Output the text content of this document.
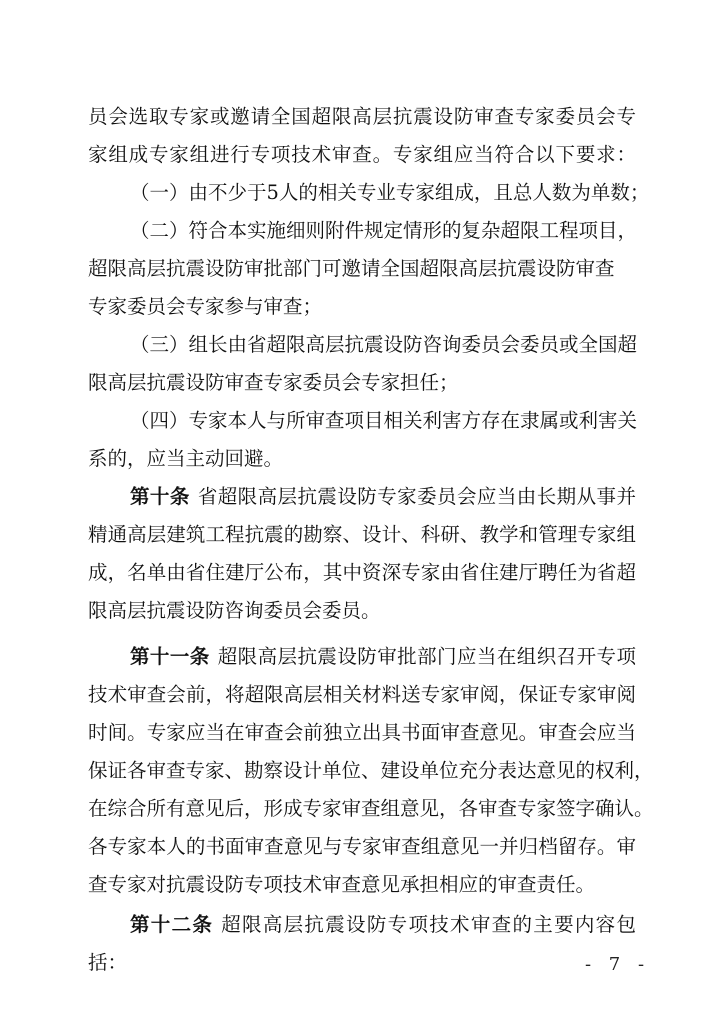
员会选取专家或邀请全国超限高层抗震设防审查专家委员会专
家组成专家组进行专项技术审查。专家组应当符合以下要求：
（一）由不少于5人的相关专业专家组成，且总人数为单数；
（二）符合本实施细则附件规定情形的复杂超限工程项目，
超限高层抗震设防审批部门可邀请全国超限高层抗震设防审查
专家委员会专家参与审查；
（三）组长由省超限高层抗震设防咨询委员会委员或全国超
限高层抗震设防审查专家委员会专家担任；
（四）专家本人与所审查项目相关利害方存在隶属或利害关
系的，应当主动回避。
第十条 省超限高层抗震设防专家委员会应当由长期从事并
精通高层建筑工程抗震的勘察、设计、科研、教学和管理专家组
成，名单由省住建厅公布，其中资深专家由省住建厅聘任为省超
限高层抗震设防咨询委员会委员。
第十一条 超限高层抗震设防审批部门应当在组织召开专项
技术审查会前，将超限高层相关材料送专家审阅，保证专家审阅
时间。专家应当在审查会前独立出具书面审查意见。审查会应当
保证各审查专家、勘察设计单位、建设单位充分表达意见的权利，
在综合所有意见后，形成专家审查组意见，各审查专家签字确认。
各专家本人的书面审查意见与专家审查组意见一并归档留存。审
查专家对抗震设防专项技术审查意见承担相应的审查责任。
第十二条 超限高层抗震设防专项技术审查的主要内容包
括：	- 7 -
